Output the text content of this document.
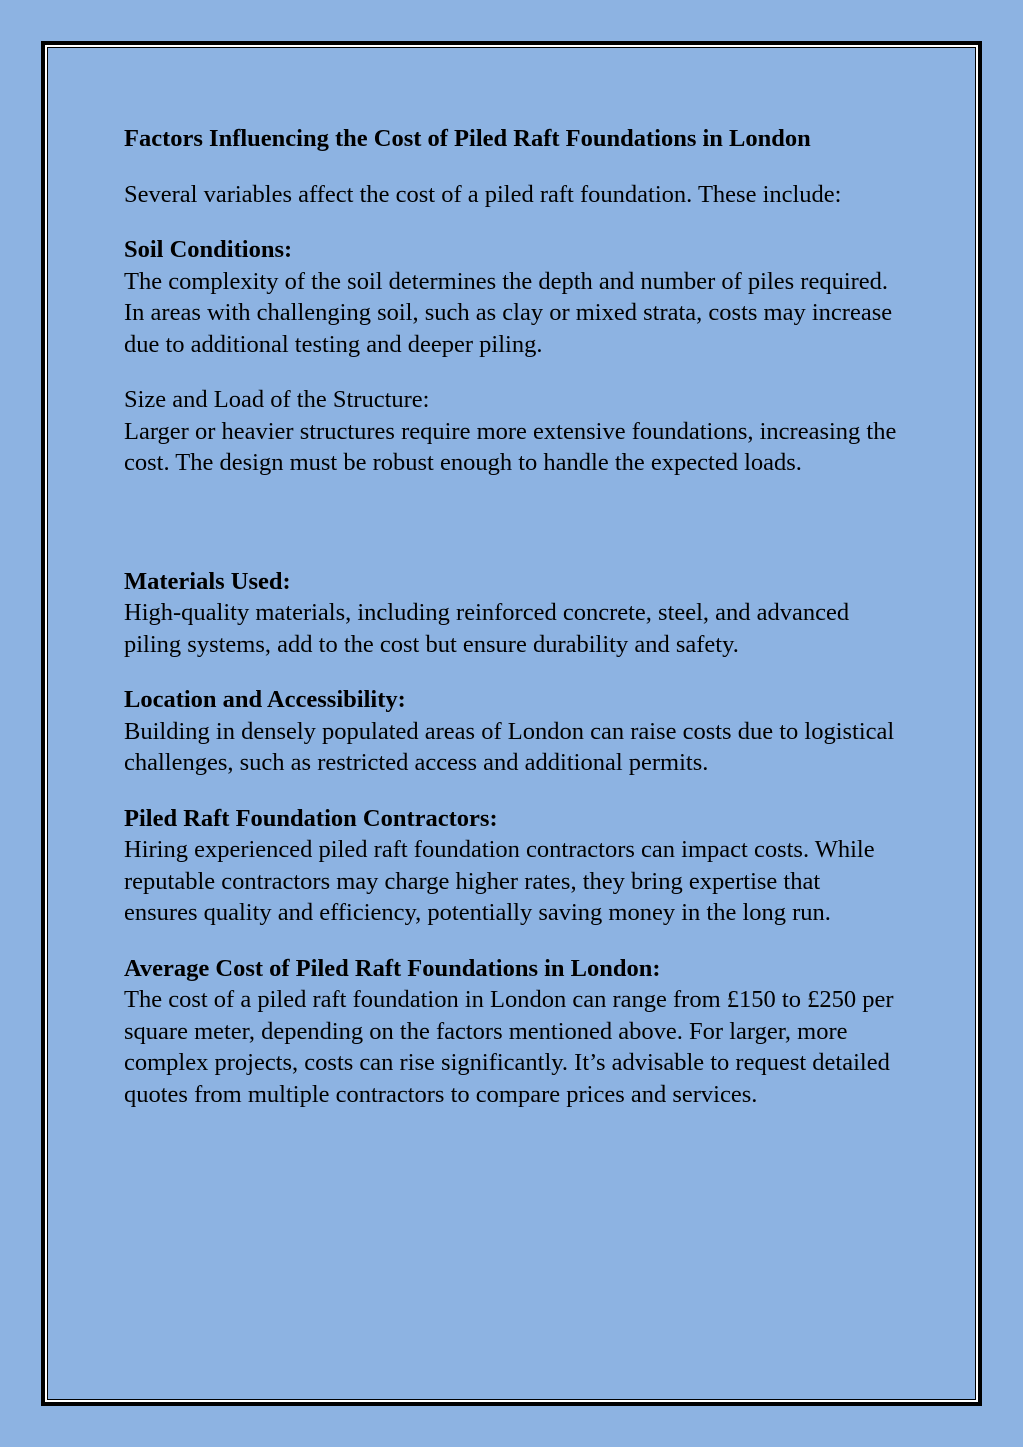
Factors Influencing the Cost of Piled Raft Foundations in London

Several variables affect the cost of a piled raft foundation. These include:

Soil Conditions:
The complexity of the soil determines the depth and number of piles required. In areas with challenging soil, such as clay or mixed strata, costs may increase due to additional testing and deeper piling.
Size and Load of the Structure:
Larger or heavier structures require more extensive foundations, increasing the cost. The design must be robust enough to handle the expected loads.
Materials Used:
High-quality materials, including reinforced concrete, steel, and advanced piling systems, add to the cost but ensure durability and safety.
Location and Accessibility:
Building in densely populated areas of London can raise costs due to logistical challenges, such as restricted access and additional permits.
Piled Raft Foundation Contractors:
Hiring experienced piled raft foundation contractors can impact costs. While reputable contractors may charge higher rates, they bring expertise that ensures quality and efficiency, potentially saving money in the long run.
Average Cost of Piled Raft Foundations in London:
The cost of a piled raft foundation in London can range from £150 to £250 per square meter, depending on the factors mentioned above. For larger, more complex projects, costs can rise significantly. It’s advisable to request detailed quotes from multiple contractors to compare prices and services.
